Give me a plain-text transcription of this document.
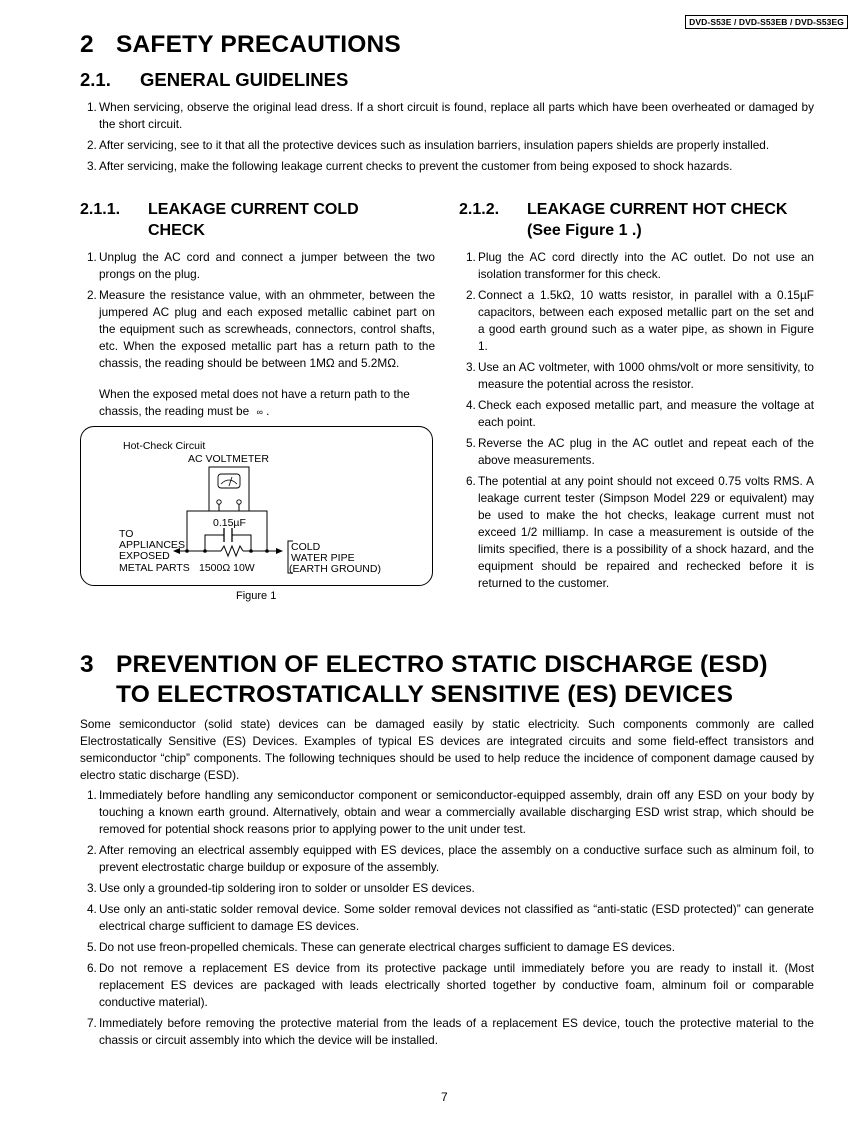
DVD-S53E / DVD-S53EB / DVD-S53EG
2 SAFETY PRECAUTIONS
2.1. GENERAL GUIDELINES
1. When servicing, observe the original lead dress. If a short circuit is found, replace all parts which have been overheated or damaged by the short circuit.
2. After servicing, see to it that all the protective devices such as insulation barriers, insulation papers shields are properly installed.
3. After servicing, make the following leakage current checks to prevent the customer from being exposed to shock hazards.
2.1.1. LEAKAGE CURRENT COLD
CHECK
1. Unplug the AC cord and connect a jumper between the two prongs on the plug.
2. Measure the resistance value, with an ohmmeter, between the jumpered AC plug and each exposed metallic cabinet part on the equipment such as screwheads, connectors, control shafts, etc. When the exposed metallic part has a return path to the chassis, the reading should be between 1MΩ and 5.2MΩ.
When the exposed metal does not have a return path to the
chassis, the reading must be ∞ .
Hot-Check Circuit
AC VOLTMETER
0.15µF
TO
APPLIANCES
EXPOSED
METAL PARTS 1500Ω 10W
COLD
WATER PIPE
(EARTH GROUND)
Figure 1
2.1.2. LEAKAGE CURRENT HOT CHECK
(See Figure 1 .)
1. Plug the AC cord directly into the AC outlet. Do not use an isolation transformer for this check.
2. Connect a 1.5kΩ, 10 watts resistor, in parallel with a 0.15µF capacitors, between each exposed metallic part on the set and a good earth ground such as a water pipe, as shown in Figure 1.
3. Use an AC voltmeter, with 1000 ohms/volt or more sensitivity, to measure the potential across the resistor.
4. Check each exposed metallic part, and measure the voltage at each point.
5. Reverse the AC plug in the AC outlet and repeat each of the above measurements.
6. The potential at any point should not exceed 0.75 volts RMS. A leakage current tester (Simpson Model 229 or equivalent) may be used to make the hot checks, leakage current must not exceed 1/2 milliamp. In case a measurement is outside of the limits specified, there is a possibility of a shock hazard, and the equipment should be repaired and rechecked before it is returned to the customer.
3 PREVENTION OF ELECTRO STATIC DISCHARGE (ESD)
TO ELECTROSTATICALLY SENSITIVE (ES) DEVICES
Some semiconductor (solid state) devices can be damaged easily by static electricity. Such components commonly are called Electrostatically Sensitive (ES) Devices. Examples of typical ES devices are integrated circuits and some field-effect transistors and semiconductor “chip” components. The following techniques should be used to help reduce the incidence of component damage caused by electro static discharge (ESD).
1. Immediately before handling any semiconductor component or semiconductor-equipped assembly, drain off any ESD on your body by touching a known earth ground. Alternatively, obtain and wear a commercially available discharging ESD wrist strap, which should be removed for potential shock reasons prior to applying power to the unit under test.
2. After removing an electrical assembly equipped with ES devices, place the assembly on a conductive surface such as alminum foil, to prevent electrostatic charge buildup or exposure of the assembly.
3. Use only a grounded-tip soldering iron to solder or unsolder ES devices.
4. Use only an anti-static solder removal device. Some solder removal devices not classified as “anti-static (ESD protected)” can generate electrical charge sufficient to damage ES devices.
5. Do not use freon-propelled chemicals. These can generate electrical charges sufficient to damage ES devices.
6. Do not remove a replacement ES device from its protective package until immediately before you are ready to install it. (Most replacement ES devices are packaged with leads electrically shorted together by conductive foam, alminum foil or comparable conductive material).
7. Immediately before removing the protective material from the leads of a replacement ES device, touch the protective material to the chassis or circuit assembly into which the device will be installed.
7
